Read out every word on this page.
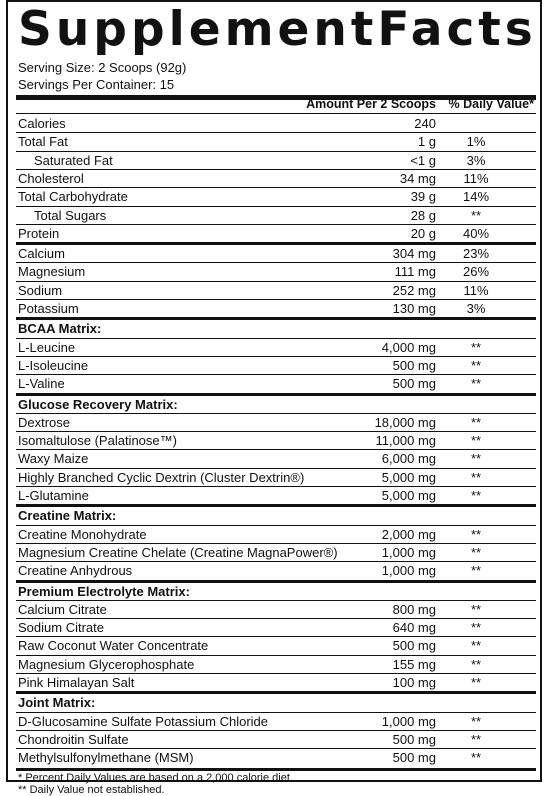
Supplement Facts
Serving Size: 2 Scoops (92g)
Servings Per Container: 15
Amount Per 2 Scoops % Daily Value*
Calories	240
Total Fat	1 g	1%
Saturated Fat	<1 g	3%
Cholesterol	34 mg	11%
Total Carbohydrate	39 g	14%
Total Sugars	28 g	**
Protein	20 g	40%
Calcium	304 mg	23%
Magnesium	111 mg	26%
Sodium	252 mg	11%
Potassium	130 mg	3%
BCAA Matrix:
L-Leucine	4,000 mg	**
L-Isoleucine	500 mg	**
L-Valine	500 mg	**
Glucose Recovery Matrix:
Dextrose	18,000 mg	**
Isomaltulose (Palatinose™)	11,000 mg	**
Waxy Maize	6,000 mg	**
Highly Branched Cyclic Dextrin (Cluster Dextrin®)	5,000 mg	**
L-Glutamine	5,000 mg	**
Creatine Matrix:
Creatine Monohydrate	2,000 mg	**
Magnesium Creatine Chelate (Creatine MagnaPower®)	1,000 mg	**
Creatine Anhydrous	1,000 mg	**
Premium Electrolyte Matrix:
Calcium Citrate	800 mg	**
Sodium Citrate	640 mg	**
Raw Coconut Water Concentrate	500 mg	**
Magnesium Glycerophosphate	155 mg	**
Pink Himalayan Salt	100 mg	**
Joint Matrix:
D-Glucosamine Sulfate Potassium Chloride	1,000 mg	**
Chondroitin Sulfate	500 mg	**
Methylsulfonylmethane (MSM)	500 mg	**
* Percent Daily Values are based on a 2,000 calorie diet.
** Daily Value not established.
